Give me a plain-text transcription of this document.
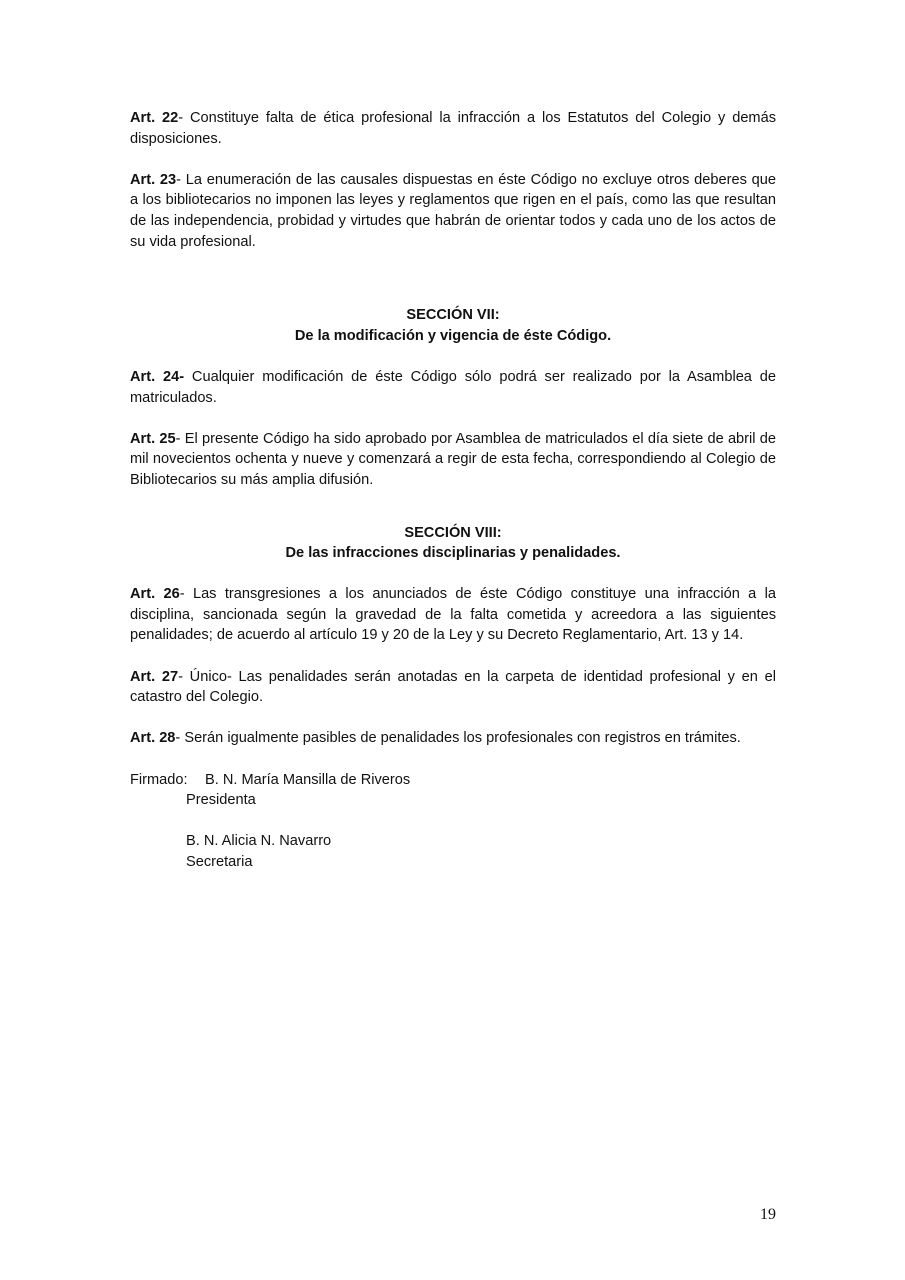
Art. 22- Constituye falta de ética profesional la infracción a los Estatutos del Colegio y demás disposiciones.

Art. 23- La enumeración de las causales dispuestas en éste Código no excluye otros deberes que a los bibliotecarios no imponen las leyes y reglamentos que rigen en el país, como las que resultan de las independencia, probidad y virtudes que habrán de orientar todos y cada uno de los actos de su vida profesional.

SECCIÓN VII:
De la modificación y vigencia de éste Código.

Art. 24- Cualquier modificación de éste Código sólo podrá ser realizado por la Asamblea de matriculados.

Art. 25- El presente Código ha sido aprobado por Asamblea de matriculados el día siete de abril de mil novecientos ochenta y nueve y comenzará a regir de esta fecha, correspondiendo al Colegio de Bibliotecarios su más amplia difusión.

SECCIÓN VIII:
De las infracciones disciplinarias y penalidades.

Art. 26- Las transgresiones a los anunciados de éste Código constituye una infracción a la disciplina, sancionada según la gravedad de la falta cometida y acreedora a las siguientes penalidades; de acuerdo al artículo 19 y 20 de la Ley y su Decreto Reglamentario, Art. 13 y 14.

Art. 27- Único- Las penalidades serán anotadas en la carpeta de identidad profesional y en el catastro del Colegio.

Art. 28- Serán igualmente pasibles de penalidades los profesionales con registros en trámites.

Firmado:	B. N. María Mansilla de Riveros
Presidenta
B. N. Alicia N. Navarro
Secretaria
19
